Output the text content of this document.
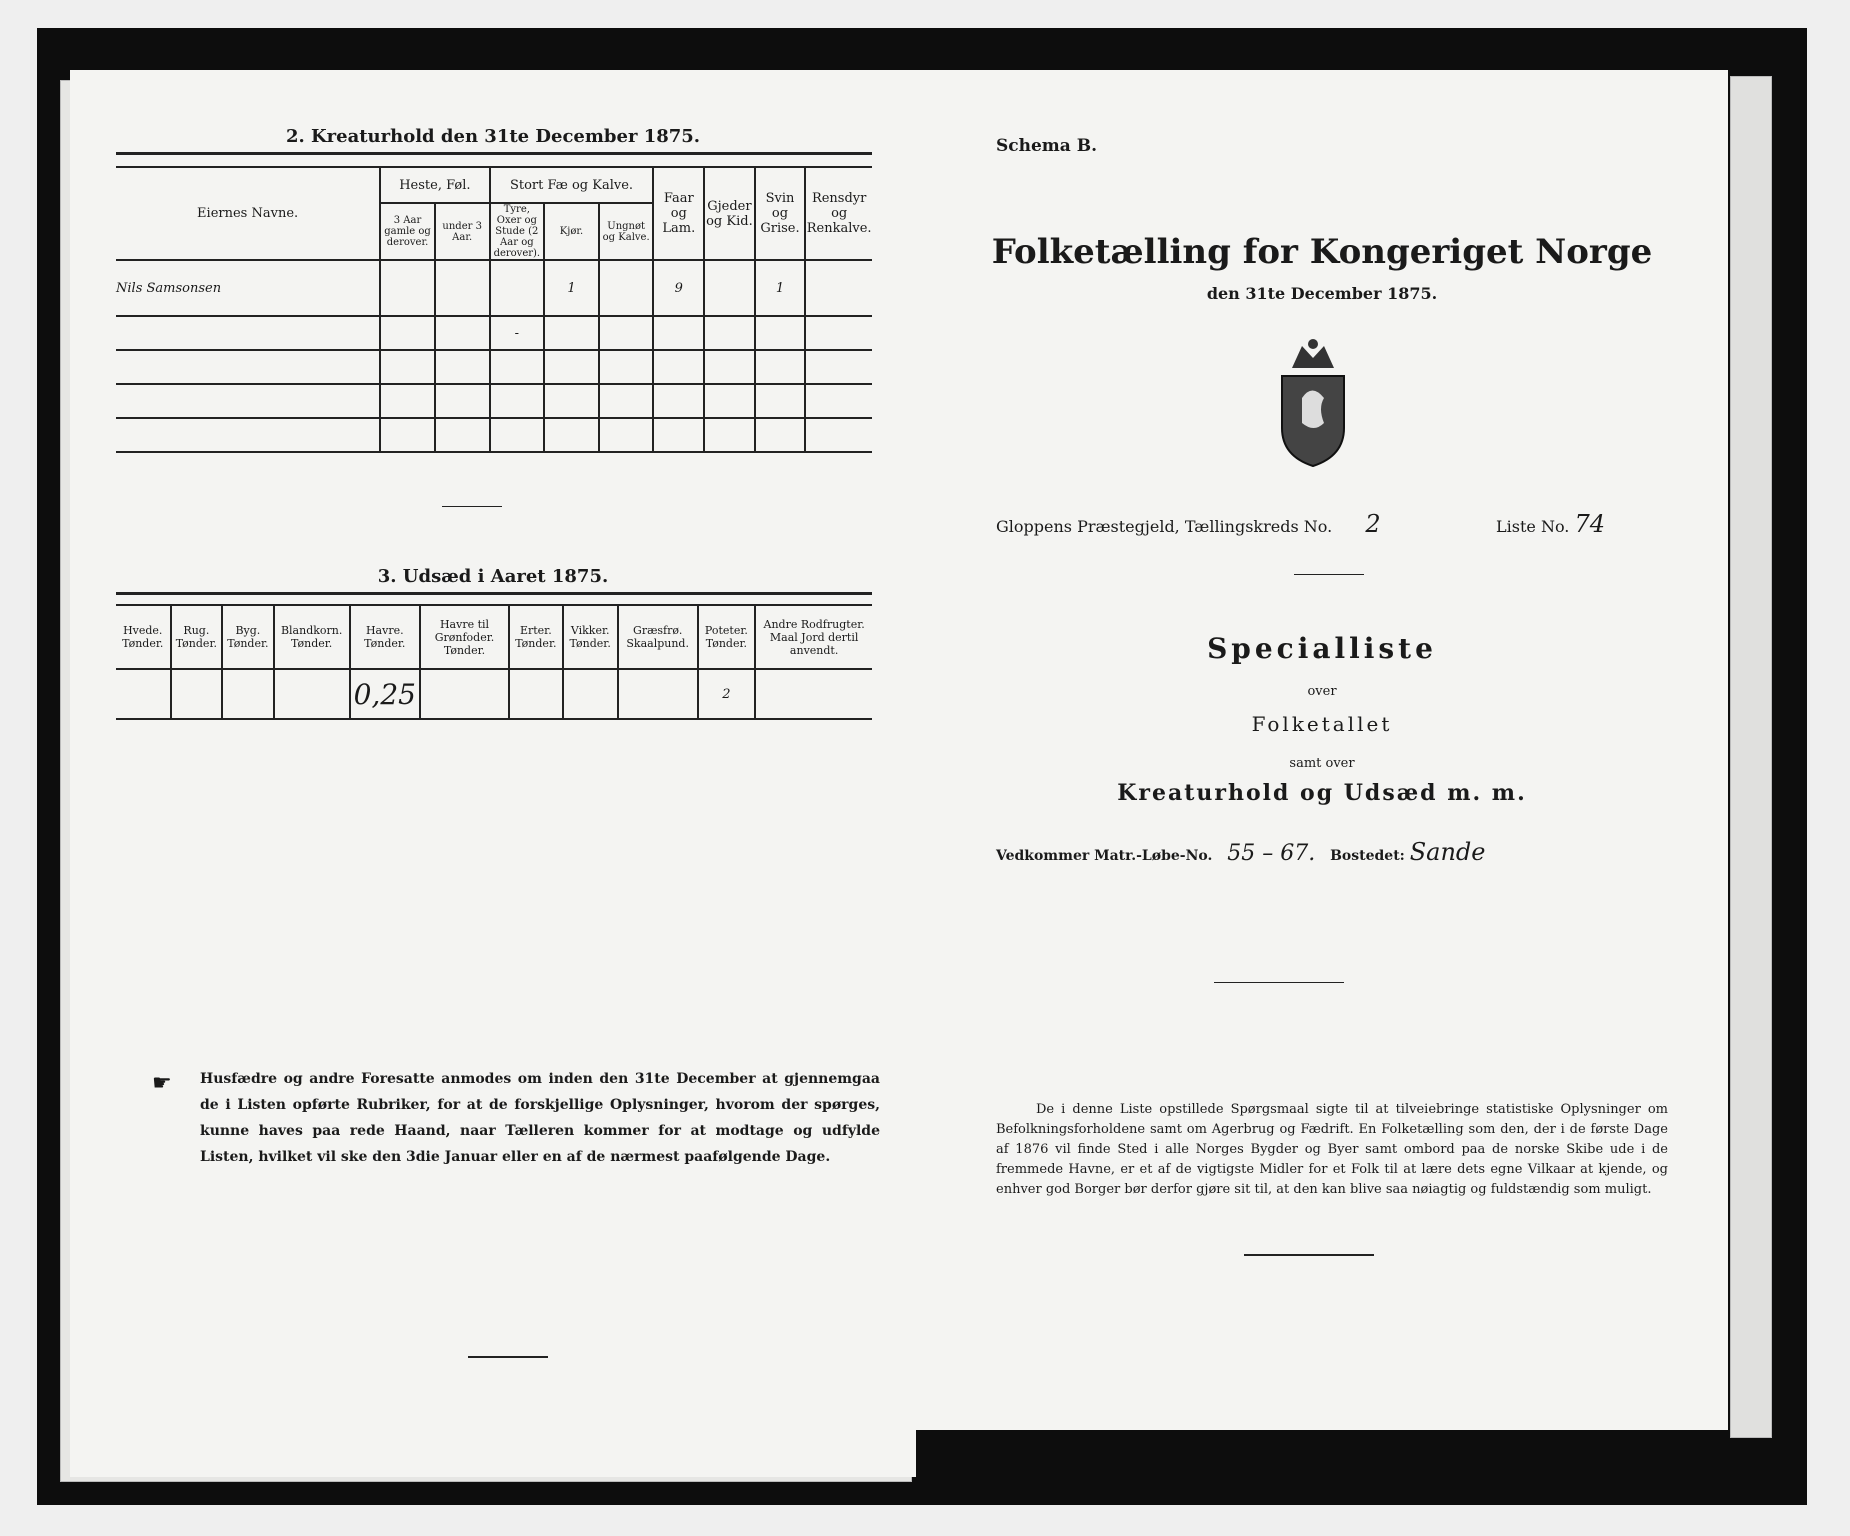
2. Kreaturhold den 31te December 1875.
Eiernes Navne.	Heste, Føl.		Stort Fæ og Kalve.			Faar og Lam.	Gjeder og Kid.	Svin og Grise.	Rensdyr og Renkalve.
	3 Aar gamle og derover.	under 3 Aar.	Tyre, Oxer og Stude (2 Aar og derover).	Kjør.	Ungnøt og Kalve.				
Nils Samsonsen				1		9		1	
			-						

3. Udsæd i Aaret 1875.
Hvede. Tønder.	Rug. Tønder.	Byg. Tønder.	Blandkorn. Tønder.	Havre. Tønder.	Havre til Grønfoder. Tønder.	Erter. Tønder.	Vikker. Tønder.	Græsfrø. Skaalpund.	Poteter. Tønder.	Andre Rodfrugter. Maal Jord dertil anvendt.
				0,25					2	
☛	Husfædre og andre Foresatte anmodes om inden den 31te December at gjennemgaa de i Listen opførte Rubriker, for at de forskjellige Oplysninger, hvorom der spørges, kunne haves paa rede Haand, naar Tælleren kommer for at modtage og udfylde Listen, hvilket vil ske den 3die Januar eller en af de nærmest paafølgende Dage.
Schema B.
Folketælling for Kongeriget Norge
den 31te December 1875.
Gloppens Præstegjeld, Tællingskreds No. 2	Liste No. 74
Specialliste
over
Folketallet
samt over
Kreaturhold og Udsæd m. m.
Vedkommer Matr.-Løbe-No. 55 – 67. Bostedet: Sande
De i denne Liste opstillede Spørgsmaal sigte til at tilveiebringe statistiske Oplysninger om Befolkningsforholdene samt om Agerbrug og Fædrift. En Folketælling som den, der i de første Dage af 1876 vil finde Sted i alle Norges Bygder og Byer samt ombord paa de norske Skibe ude i de fremmede Havne, er et af de vigtigste Midler for et Folk til at lære dets egne Vilkaar at kjende, og enhver god Borger bør derfor gjøre sit til, at den kan blive saa nøiagtig og fuldstændig som muligt.
